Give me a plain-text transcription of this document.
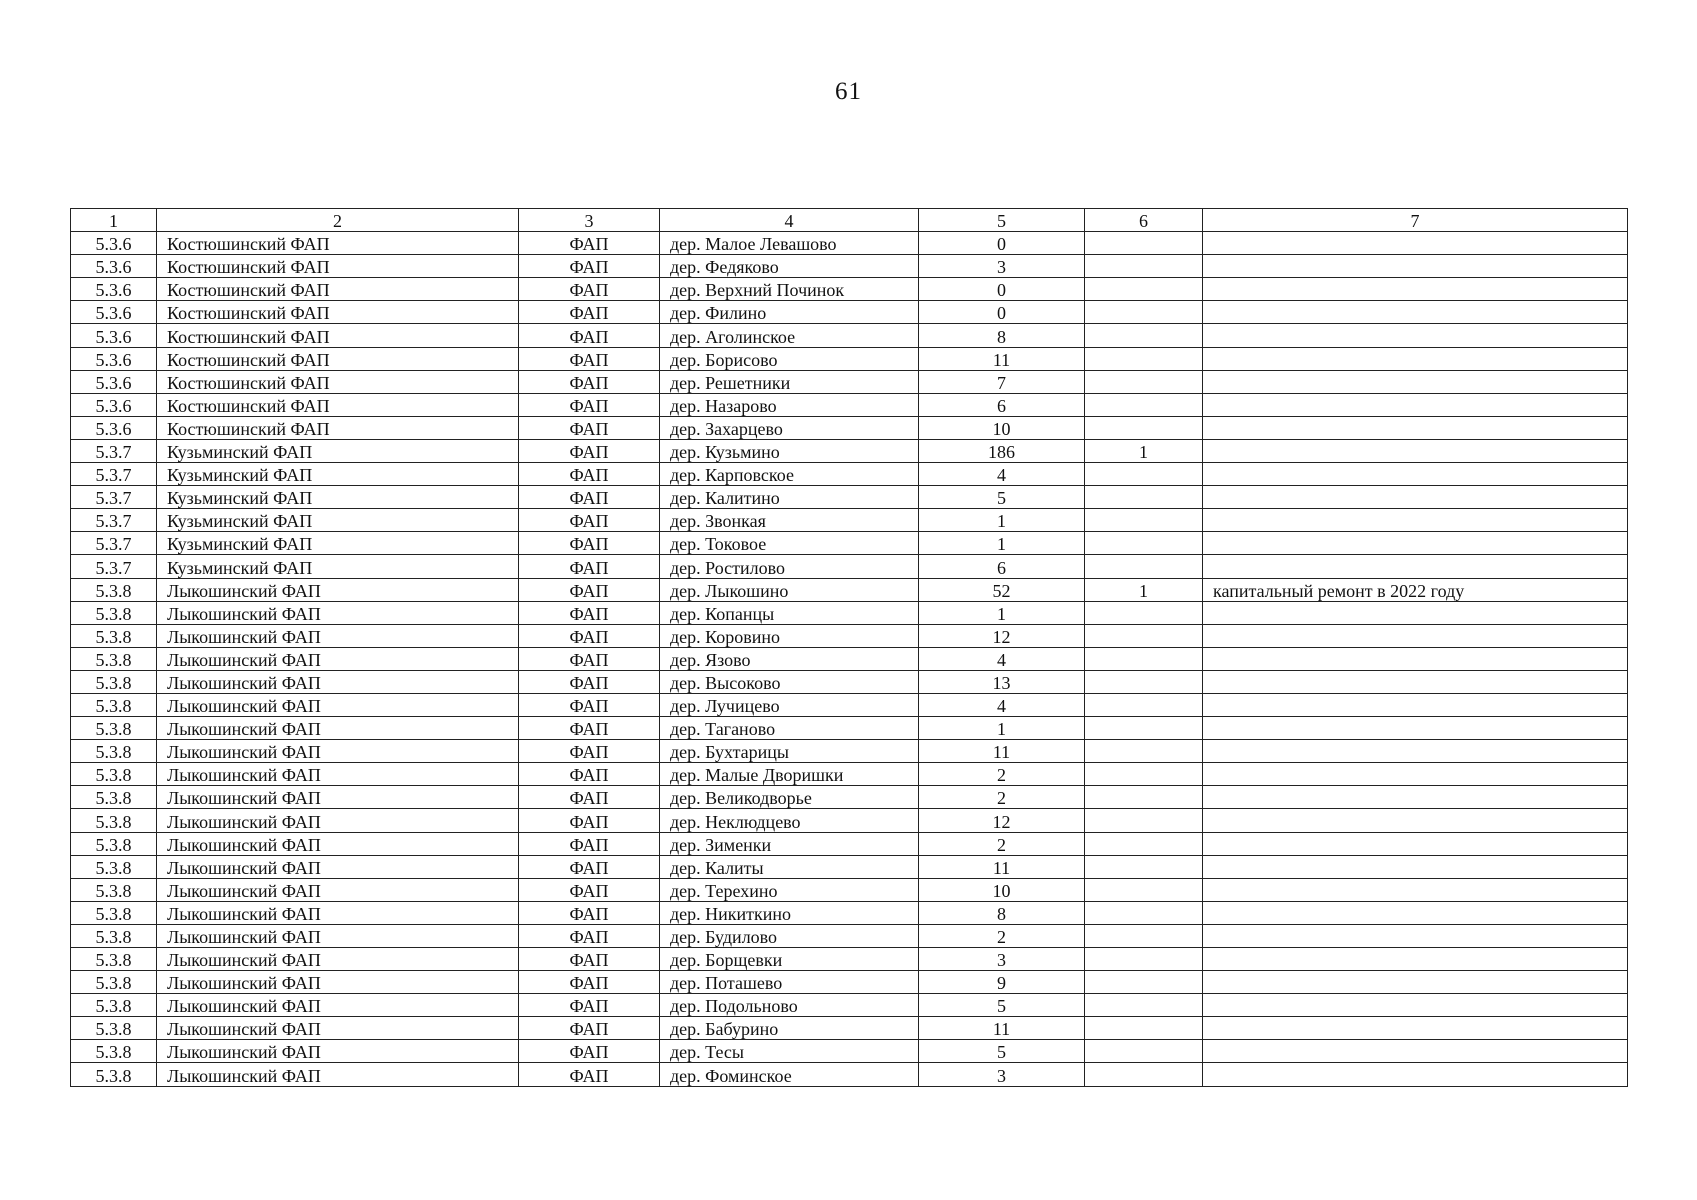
61
1	2	3	4	5	6	7
5.3.6	Костюшинский ФАП	ФАП	дер. Малое Левашово	0		
5.3.6	Костюшинский ФАП	ФАП	дер. Федяково	3		
5.3.6	Костюшинский ФАП	ФАП	дер. Верхний Починок	0		
5.3.6	Костюшинский ФАП	ФАП	дер. Филино	0		
5.3.6	Костюшинский ФАП	ФАП	дер. Аголинское	8		
5.3.6	Костюшинский ФАП	ФАП	дер. Борисово	11		
5.3.6	Костюшинский ФАП	ФАП	дер. Решетники	7		
5.3.6	Костюшинский ФАП	ФАП	дер. Назарово	6		
5.3.6	Костюшинский ФАП	ФАП	дер. Захарцево	10		
5.3.7	Кузьминский ФАП	ФАП	дер. Кузьмино	186	1	
5.3.7	Кузьминский ФАП	ФАП	дер. Карповское	4		
5.3.7	Кузьминский ФАП	ФАП	дер. Калитино	5		
5.3.7	Кузьминский ФАП	ФАП	дер. Звонкая	1		
5.3.7	Кузьминский ФАП	ФАП	дер. Токовое	1		
5.3.7	Кузьминский ФАП	ФАП	дер. Ростилово	6		
5.3.8	Лыкошинский ФАП	ФАП	дер. Лыкошино	52	1	капитальный ремонт в 2022 году
5.3.8	Лыкошинский ФАП	ФАП	дер. Копанцы	1		
5.3.8	Лыкошинский ФАП	ФАП	дер. Коровино	12		
5.3.8	Лыкошинский ФАП	ФАП	дер. Язово	4		
5.3.8	Лыкошинский ФАП	ФАП	дер. Высоково	13		
5.3.8	Лыкошинский ФАП	ФАП	дер. Лучицево	4		
5.3.8	Лыкошинский ФАП	ФАП	дер. Таганово	1		
5.3.8	Лыкошинский ФАП	ФАП	дер. Бухтарицы	11		
5.3.8	Лыкошинский ФАП	ФАП	дер. Малые Дворишки	2		
5.3.8	Лыкошинский ФАП	ФАП	дер. Великодворье	2		
5.3.8	Лыкошинский ФАП	ФАП	дер. Неклюдцево	12		
5.3.8	Лыкошинский ФАП	ФАП	дер. Зименки	2		
5.3.8	Лыкошинский ФАП	ФАП	дер. Калиты	11		
5.3.8	Лыкошинский ФАП	ФАП	дер. Терехино	10		
5.3.8	Лыкошинский ФАП	ФАП	дер. Никиткино	8		
5.3.8	Лыкошинский ФАП	ФАП	дер. Будилово	2		
5.3.8	Лыкошинский ФАП	ФАП	дер. Борщевки	3		
5.3.8	Лыкошинский ФАП	ФАП	дер. Поташево	9		
5.3.8	Лыкошинский ФАП	ФАП	дер. Подольново	5		
5.3.8	Лыкошинский ФАП	ФАП	дер. Бабурино	11		
5.3.8	Лыкошинский ФАП	ФАП	дер. Тесы	5		
5.3.8	Лыкошинский ФАП	ФАП	дер. Фоминское	3		
